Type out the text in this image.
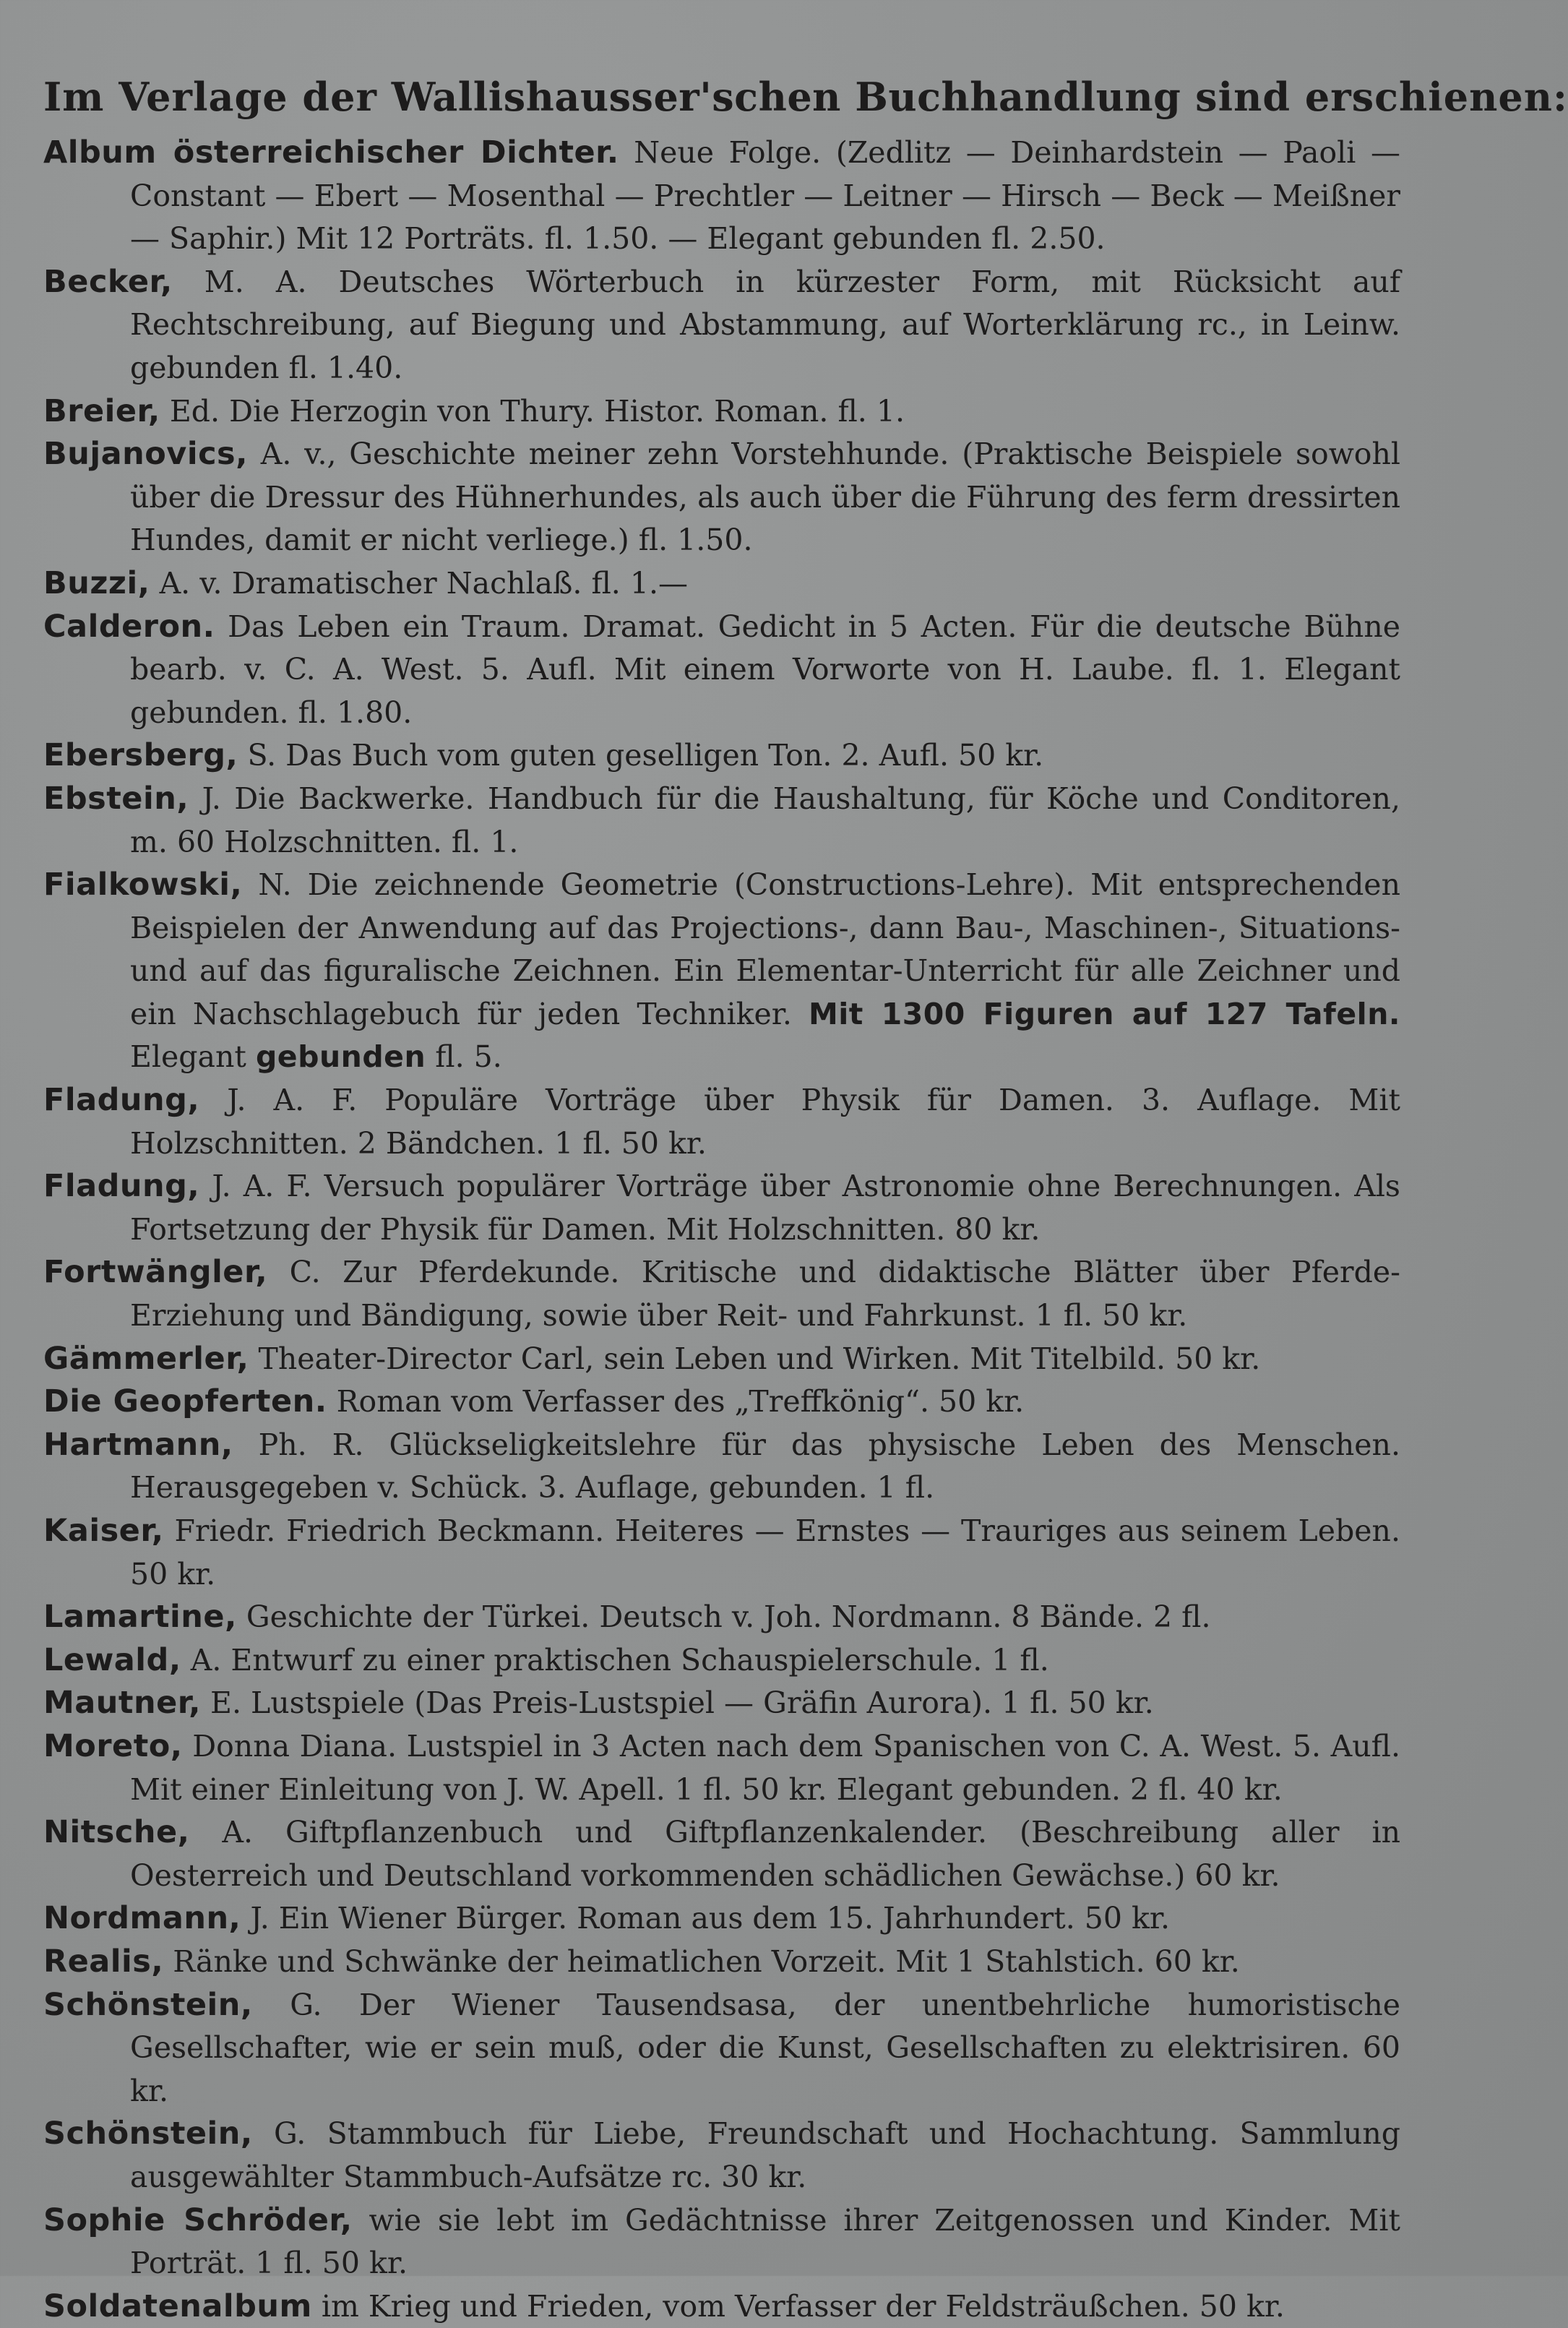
Im Verlage der Wallishausser'schen Buchhandlung sind erschienen:

Album österreichischer Dichter. Neue Folge. (Zedlitz — Deinhardstein — Paoli — Constant — Ebert — Mosenthal — Prechtler — Leitner — Hirsch — Beck — Meißner — Saphir.) Mit 12 Porträts. fl. 1.50. — Elegant gebunden fl. 2.50.

Becker, M. A. Deutsches Wörterbuch in kürzester Form, mit Rücksicht auf Rechtschreibung, auf Biegung und Abstammung, auf Worterklärung rc., in Leinw. gebunden fl. 1.40.

Breier, Ed. Die Herzogin von Thury. Histor. Roman. fl. 1.

Bujanovics, A. v., Geschichte meiner zehn Vorstehhunde. (Praktische Beispiele sowohl über die Dressur des Hühnerhundes, als auch über die Führung des ferm dressirten Hundes, damit er nicht verliege.) fl. 1.50.

Buzzi, A. v. Dramatischer Nachlaß. fl. 1.—

Calderon. Das Leben ein Traum. Dramat. Gedicht in 5 Acten. Für die deutsche Bühne bearb. v. C. A. West. 5. Aufl. Mit einem Vorworte von H. Laube. fl. 1. Elegant gebunden. fl. 1.80.

Ebersberg, S. Das Buch vom guten geselligen Ton. 2. Aufl. 50 kr.

Ebstein, J. Die Backwerke. Handbuch für die Haushaltung, für Köche und Conditoren, m. 60 Holzschnitten. fl. 1.

Fialkowski, N. Die zeichnende Geometrie (Constructions-Lehre). Mit entsprechenden Beispielen der Anwendung auf das Projections-, dann Bau-, Maschinen-, Situations- und auf das figuralische Zeichnen. Ein Elementar-Unterricht für alle Zeichner und ein Nachschlagebuch für jeden Techniker. Mit 1300 Figuren auf 127 Tafeln. Elegant gebunden fl. 5.

Fladung, J. A. F. Populäre Vorträge über Physik für Damen. 3. Auflage. Mit Holzschnitten. 2 Bändchen. 1 fl. 50 kr.

Fladung, J. A. F. Versuch populärer Vorträge über Astronomie ohne Berechnungen. Als Fortsetzung der Physik für Damen. Mit Holzschnitten. 80 kr.

Fortwängler, C. Zur Pferdekunde. Kritische und didaktische Blätter über Pferde-Erziehung und Bändigung, sowie über Reit- und Fahrkunst. 1 fl. 50 kr.

Gämmerler, Theater-Director Carl, sein Leben und Wirken. Mit Titelbild. 50 kr.

Die Geopferten. Roman vom Verfasser des „Treffkönig“. 50 kr.

Hartmann, Ph. R. Glückseligkeitslehre für das physische Leben des Menschen. Herausgegeben v. Schück. 3. Auflage, gebunden. 1 fl.

Kaiser, Friedr. Friedrich Beckmann. Heiteres — Ernstes — Trauriges aus seinem Leben. 50 kr.

Lamartine, Geschichte der Türkei. Deutsch v. Joh. Nordmann. 8 Bände. 2 fl.

Lewald, A. Entwurf zu einer praktischen Schauspielerschule. 1 fl.

Mautner, E. Lustspiele (Das Preis-Lustspiel — Gräfin Aurora). 1 fl. 50 kr.

Moreto, Donna Diana. Lustspiel in 3 Acten nach dem Spanischen von C. A. West. 5. Aufl. Mit einer Einleitung von J. W. Apell. 1 fl. 50 kr. Elegant gebunden. 2 fl. 40 kr.

Nitsche, A. Giftpflanzenbuch und Giftpflanzenkalender. (Beschreibung aller in Oesterreich und Deutschland vorkommenden schädlichen Gewächse.) 60 kr.

Nordmann, J. Ein Wiener Bürger. Roman aus dem 15. Jahrhundert. 50 kr.

Realis, Ränke und Schwänke der heimatlichen Vorzeit. Mit 1 Stahlstich. 60 kr.

Schönstein, G. Der Wiener Tausendsasa, der unentbehrliche humoristische Gesellschafter, wie er sein muß, oder die Kunst, Gesellschaften zu elektrisiren. 60 kr.

Schönstein, G. Stammbuch für Liebe, Freundschaft und Hochachtung. Sammlung ausgewählter Stammbuch-Aufsätze rc. 30 kr.

Sophie Schröder, wie sie lebt im Gedächtnisse ihrer Zeitgenossen und Kinder. Mit Porträt. 1 fl. 50 kr.

Soldatenalbum im Krieg und Frieden, vom Verfasser der Feldsträußchen. 50 kr.
